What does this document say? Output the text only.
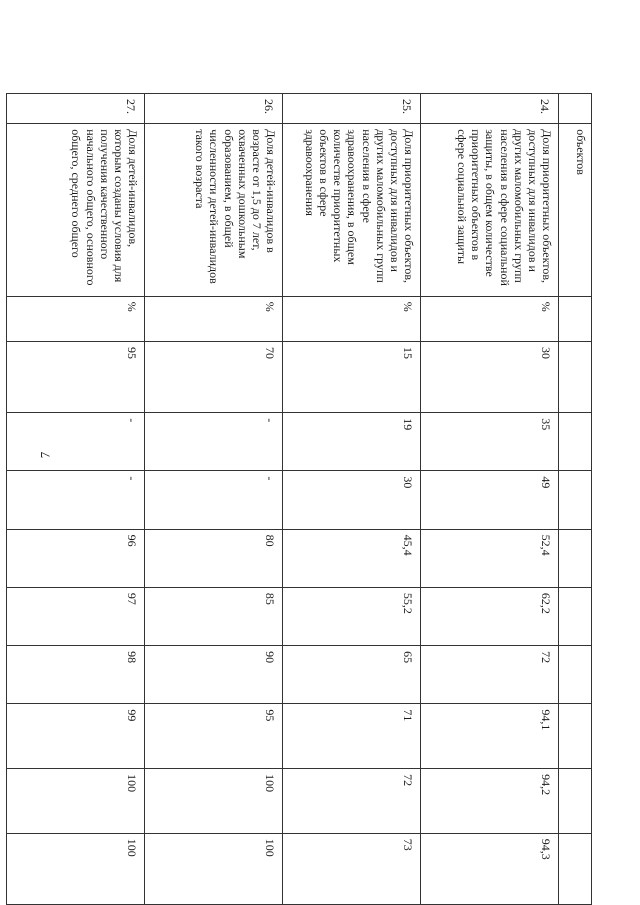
7
	объектов										
24.	Доля приоритетных объектов, доступных для инвалидов и других маломобильных групп населения в сфере социальной защиты, в общем количестве приоритетных объектов в сфере социальной защиты	%	30	35	49	52,4	62,2	72	94,1	94,2	94,3
25.	Доля приоритетных объектов, доступных для инвалидов и других маломобильных групп населения в сфере здравоохранения, в общем количестве приоритетных объектов в сфере здравоохранения	%	15	19	30	45,4	55,2	65	71	72	73
26.	Доля детей-инвалидов в возрасте от 1,5 до 7 лет, охваченных дошкольным образованием, в общей численности детей-инвалидов такого возраста	%	70	-	-	80	85	90	95	100	100
27.	Доля детей-инвалидов, которым созданы условия для получения качественного начального общего, основного общего, среднего общего	%	95	-	-	96	97	98	99	100	100
